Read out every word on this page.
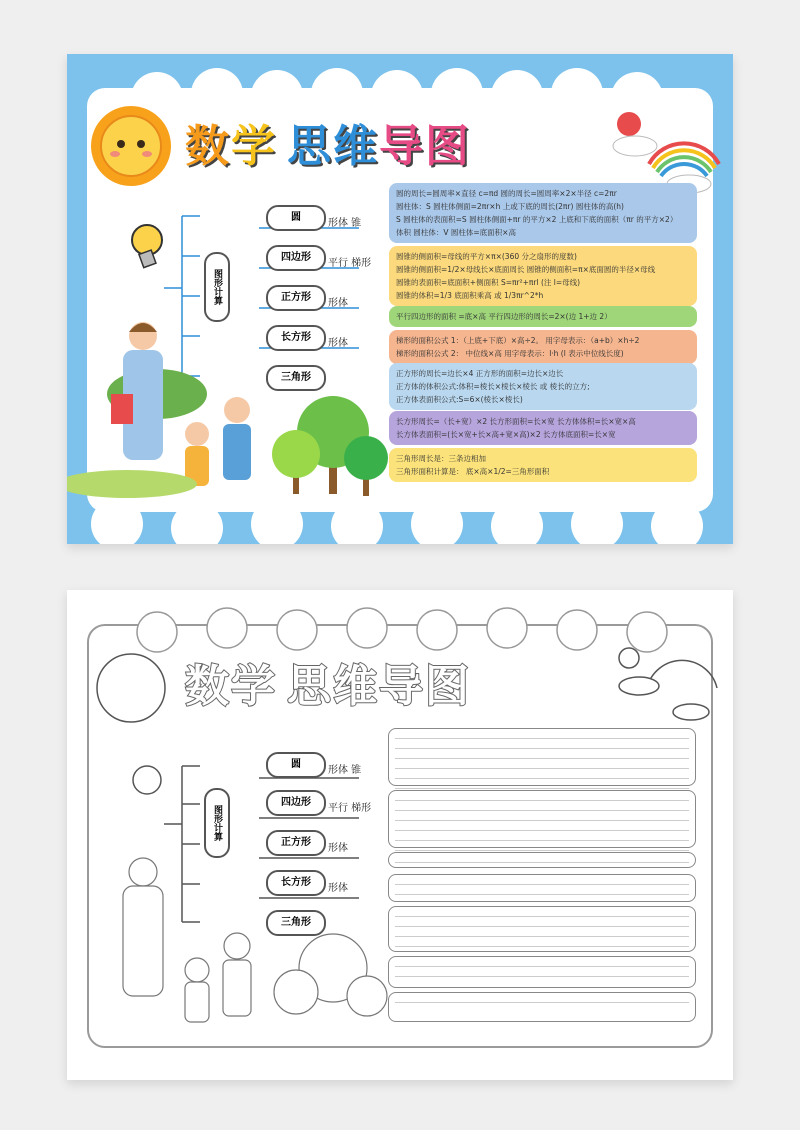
数学 思维导图
图形计算
圆
四边形
正方形
长方形
三角形
形体 锥
平行 梯形
形体
形体
圆的周长=圆周率×直径 c=πd 圆的周长=圆周率×2×半径 c=2πr
圆柱体：S 圆柱体侧面=2πr×h 上或下底的周长(2πr) 圆柱体的高(h)
S 圆柱体的表面积=S 圆柱体侧面+πr 的平方×2 上底和下底的面积（πr 的平方×2）
体积 圆柱体：V 圆柱体=底面积×高
圆锥的侧面积=母线的平方×π×(360 分之扇形的度数)
圆锥的侧面积=1/2×母线长×底面周长 圆锥的侧面积=π×底面圆的半径×母线
圆锥的表面积=底面积+侧面积 S=πr²+πrl (注 l=母线)
圆锥的体积=1/3 底面积乘高 或 1/3πr^2*h
平行四边形的面积 =底×高 平行四边形的周长=2×(边 1+边 2）
梯形的面积公式 1：（上底+下底）×高÷2。 用字母表示：（a+b）×h÷2
梯形的面积公式 2： 中位线×高 用字母表示：l·h (l 表示中位线长度)
正方形的周长=边长×4 正方形的面积=边长×边长
正方体的体积公式:体积=棱长×棱长×棱长 或 棱长的立方;
正方体表面积公式:S=6×(棱长×棱长)
长方形周长=（长+宽）×2 长方形面积=长×宽 长方体体积=长×宽×高
长方体表面积=(长×宽+长×高+宽×高)×2 长方体底面积=长×宽
三角形周长是：三条边相加
三角形面积计算是： 底×高×1/2=三角形面积
数学 思维导图
图形计算
圆
四边形
正方形
长方形
三角形
形体 锥
平行 梯形
形体
形体
